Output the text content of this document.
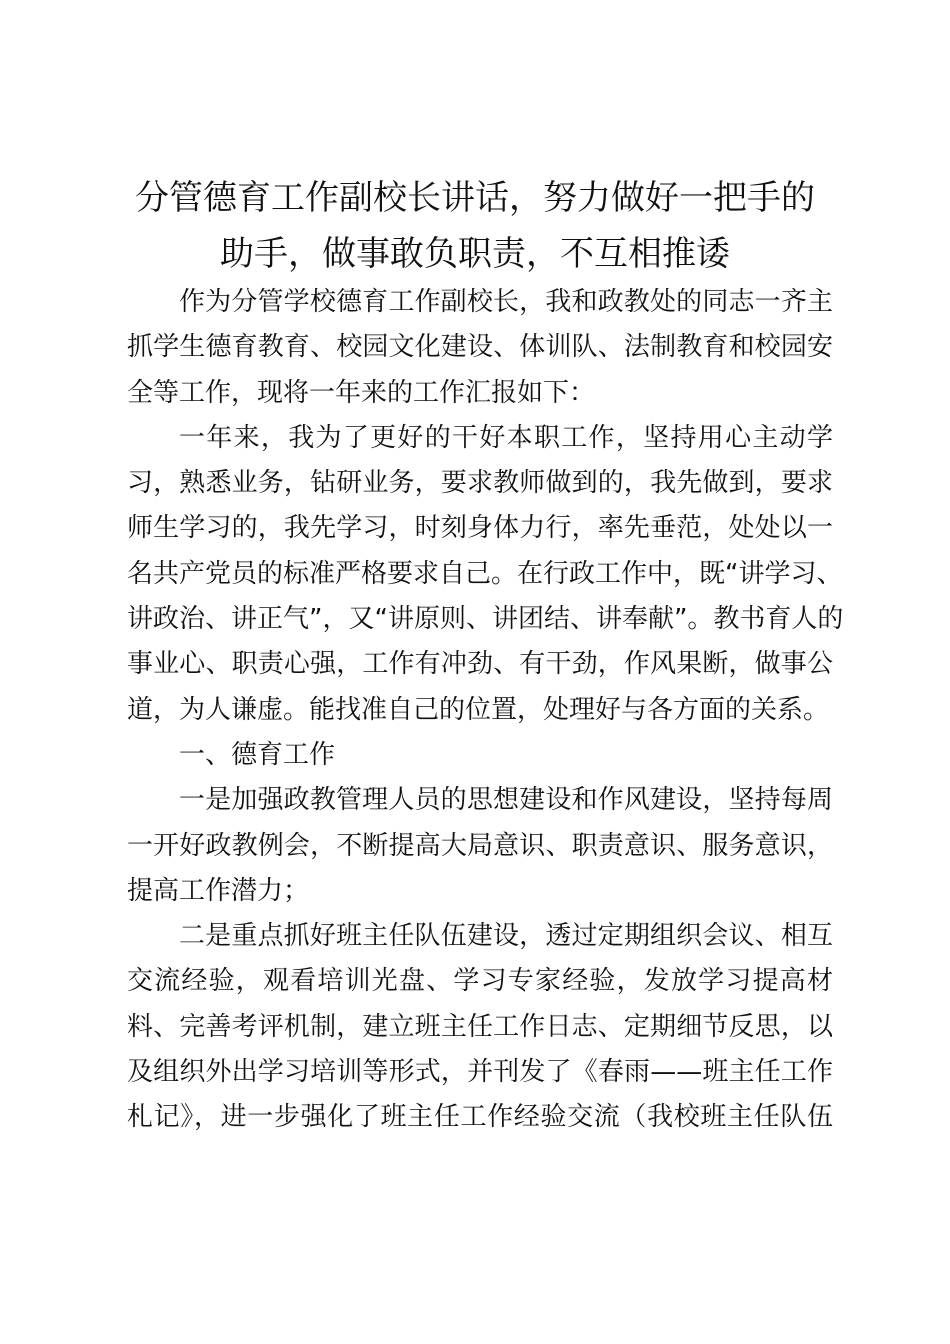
分管德育工作副校长讲话，努力做好一把手的
助手，做事敢负职责，不互相推诿

作为分管学校德育工作副校长，我和政教处的同志一齐主
抓学生德育教育、校园文化建设、体训队、法制教育和校园安
全等工作，现将一年来的工作汇报如下：

一年来，我为了更好的干好本职工作，坚持用心主动学
习，熟悉业务，钻研业务，要求教师做到的，我先做到，要求
师生学习的，我先学习，时刻身体力行，率先垂范，处处以一
名共产党员的标准严格要求自己。在行政工作中，既“讲学习、
讲政治、讲正气”，又“讲原则、讲团结、讲奉献”。教书育人的
事业心、职责心强，工作有冲劲、有干劲，作风果断，做事公
道，为人谦虚。能找准自己的位置，处理好与各方面的关系。

一、德育工作

一是加强政教管理人员的思想建设和作风建设，坚持每周
一开好政教例会，不断提高大局意识、职责意识、服务意识，
提高工作潜力；

二是重点抓好班主任队伍建设，透过定期组织会议、相互
交流经验，观看培训光盘、学习专家经验，发放学习提高材
料、完善考评机制，建立班主任工作日志、定期细节反思，以
及组织外出学习培训等形式，并刊发了《春雨——班主任工作
札记》，进一步强化了班主任工作经验交流（我校班主任队伍
